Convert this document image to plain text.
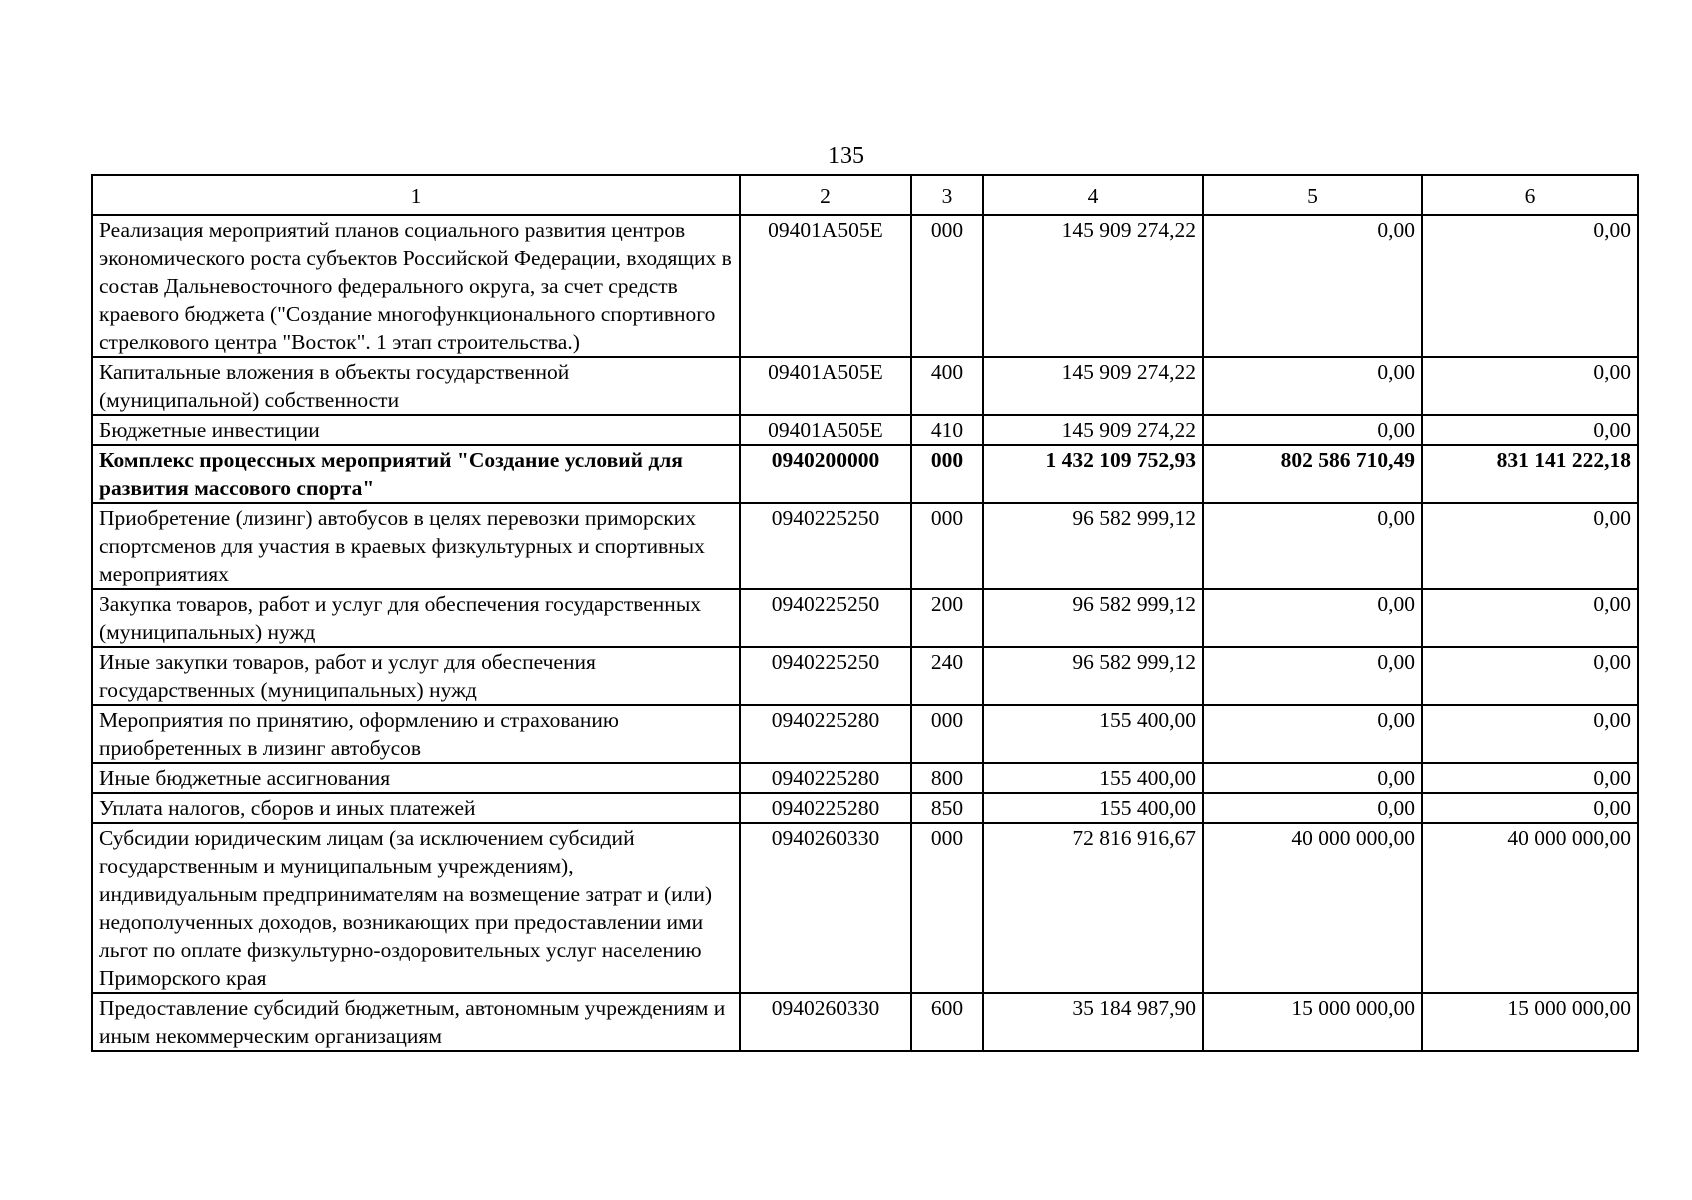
135
1	2	3	4	5	6
Реализация мероприятий планов социального развития центров экономического роста субъектов Российской Федерации, входящих в состав Дальневосточного федерального округа, за счет средств краевого бюджета ("Создание многофункционального спортивного стрелкового центра "Восток". 1 этап строительства.)	09401A505E	000	145 909 274,22	0,00	0,00
Капитальные вложения в объекты государственной (муниципальной) собственности	09401A505E	400	145 909 274,22	0,00	0,00
Бюджетные инвестиции	09401A505E	410	145 909 274,22	0,00	0,00
Комплекс процессных мероприятий "Создание условий для развития массового спорта"	0940200000	000	1 432 109 752,93	802 586 710,49	831 141 222,18
Приобретение (лизинг) автобусов в целях перевозки приморских спортсменов для участия в краевых физкультурных и спортивных мероприятиях	0940225250	000	96 582 999,12	0,00	0,00
Закупка товаров, работ и услуг для обеспечения государственных (муниципальных) нужд	0940225250	200	96 582 999,12	0,00	0,00
Иные закупки товаров, работ и услуг для обеспечения государственных (муниципальных) нужд	0940225250	240	96 582 999,12	0,00	0,00
Мероприятия по принятию, оформлению и страхованию приобретенных в лизинг автобусов	0940225280	000	155 400,00	0,00	0,00
Иные бюджетные ассигнования	0940225280	800	155 400,00	0,00	0,00
Уплата налогов, сборов и иных платежей	0940225280	850	155 400,00	0,00	0,00
Субсидии юридическим лицам (за исключением субсидий государственным и муниципальным учреждениям), индивидуальным предпринимателям на возмещение затрат и (или) недополученных доходов, возникающих при предоставлении ими льгот по оплате физкультурно-оздоровительных услуг населению Приморского края	0940260330	000	72 816 916,67	40 000 000,00	40 000 000,00
Предоставление субсидий бюджетным, автономным учреждениям и иным некоммерческим организациям	0940260330	600	35 184 987,90	15 000 000,00	15 000 000,00
